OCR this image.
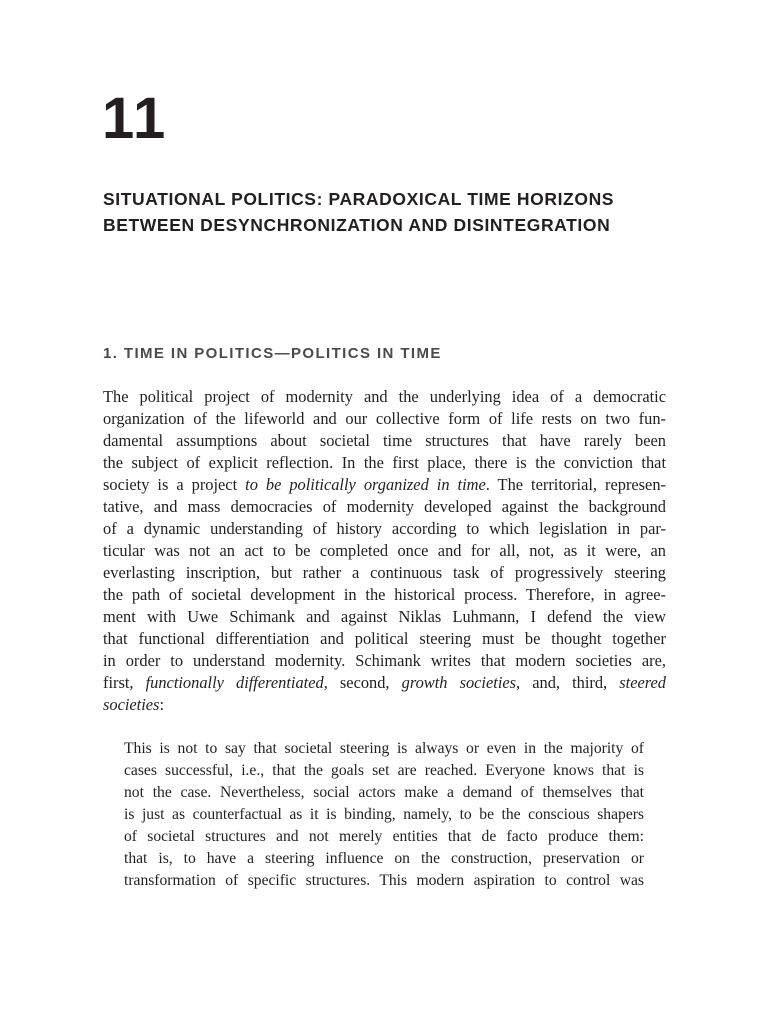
11
SITUATIONAL POLITICS: PARADOXICAL TIME HORIZONS
BETWEEN DESYNCHRONIZATION AND DISINTEGRATION
1. TIME IN POLITICS—POLITICS IN TIME

The political project of modernity and the underlying idea of a democratic
organization of the lifeworld and our collective form of life rests on two fun-
damental assumptions about societal time structures that have rarely been
the subject of explicit reflection. In the first place, there is the conviction that
society is a project to be politically organized in time. The territorial, represen-
tative, and mass democracies of modernity developed against the background
of a dynamic understanding of history according to which legislation in par-
ticular was not an act to be completed once and for all, not, as it were, an
everlasting inscription, but rather a continuous task of progressively steering
the path of societal development in the historical process. Therefore, in agree-
ment with Uwe Schimank and against Niklas Luhmann, I defend the view
that functional differentiation and political steering must be thought together
in order to understand modernity. Schimank writes that modern societies are,
first, functionally differentiated, second, growth societies, and, third, steered
societies:

This is not to say that societal steering is always or even in the majority of
cases successful, i.e., that the goals set are reached. Everyone knows that is
not the case. Nevertheless, social actors make a demand of themselves that
is just as counterfactual as it is binding, namely, to be the conscious shapers
of societal structures and not merely entities that de facto produce them:
that is, to have a steering influence on the construction, preservation or
transformation of specific structures. This modern aspiration to control was
